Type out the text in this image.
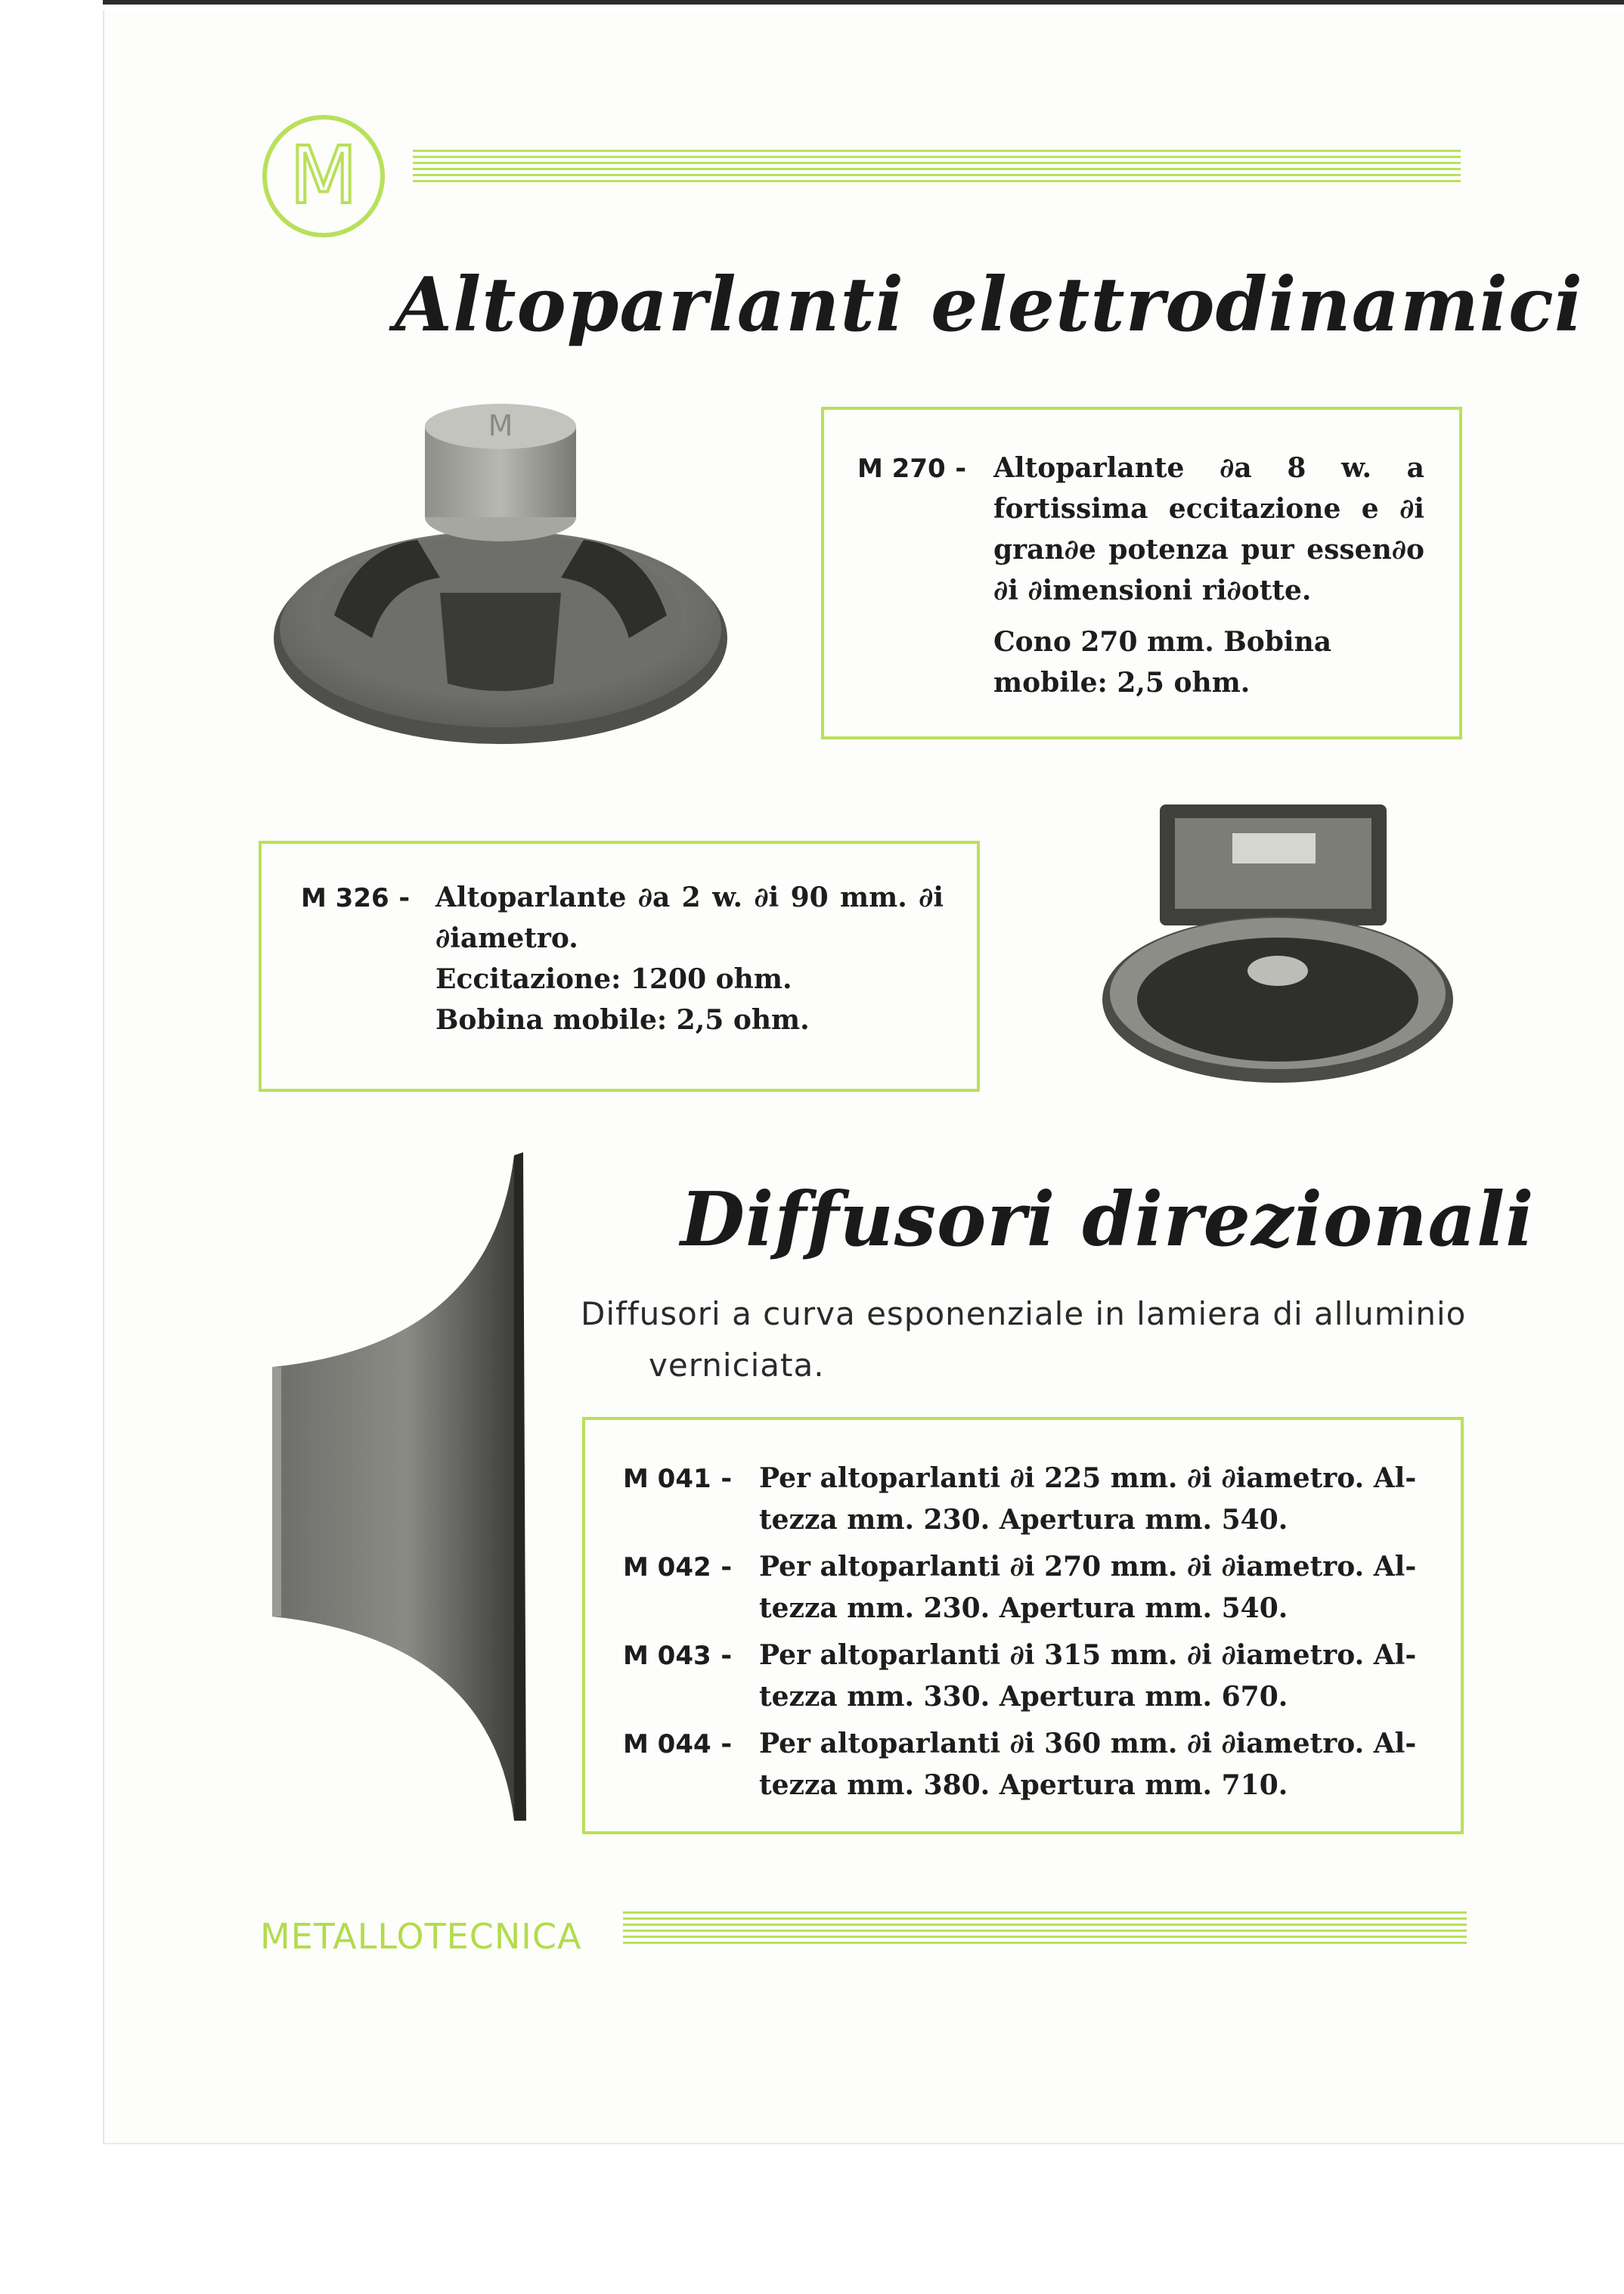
M
Altoparlanti elettrodinamici
M
M 270 - Altoparlante ∂a 8 w. a fortissima eccitazione e ∂i gran∂e potenza pur essen∂o ∂i ∂imensioni ri∂otte.
Cono 270 mm. Bobina mobile: 2,5 ohm.
M 326 - Altoparlante ∂a 2 w. ∂i 90 mm. ∂i ∂iametro.
Eccitazione: 1200 ohm.
Bobina mobile: 2,5 ohm.
Diffusori direzionali
Diffusori a curva esponenziale in lamiera di alluminio
verniciata.
M 041 - Per altoparlanti ∂i 225 mm. ∂i ∂iametro. Al-
tezza mm. 230. Apertura mm. 540.
M 042 - Per altoparlanti ∂i 270 mm. ∂i ∂iametro. Al-
tezza mm. 230. Apertura mm. 540.
M 043 - Per altoparlanti ∂i 315 mm. ∂i ∂iametro. Al-
tezza mm. 330. Apertura mm. 670.
M 044 - Per altoparlanti ∂i 360 mm. ∂i ∂iametro. Al-
tezza mm. 380. Apertura mm. 710.
METALLOTECNICA
